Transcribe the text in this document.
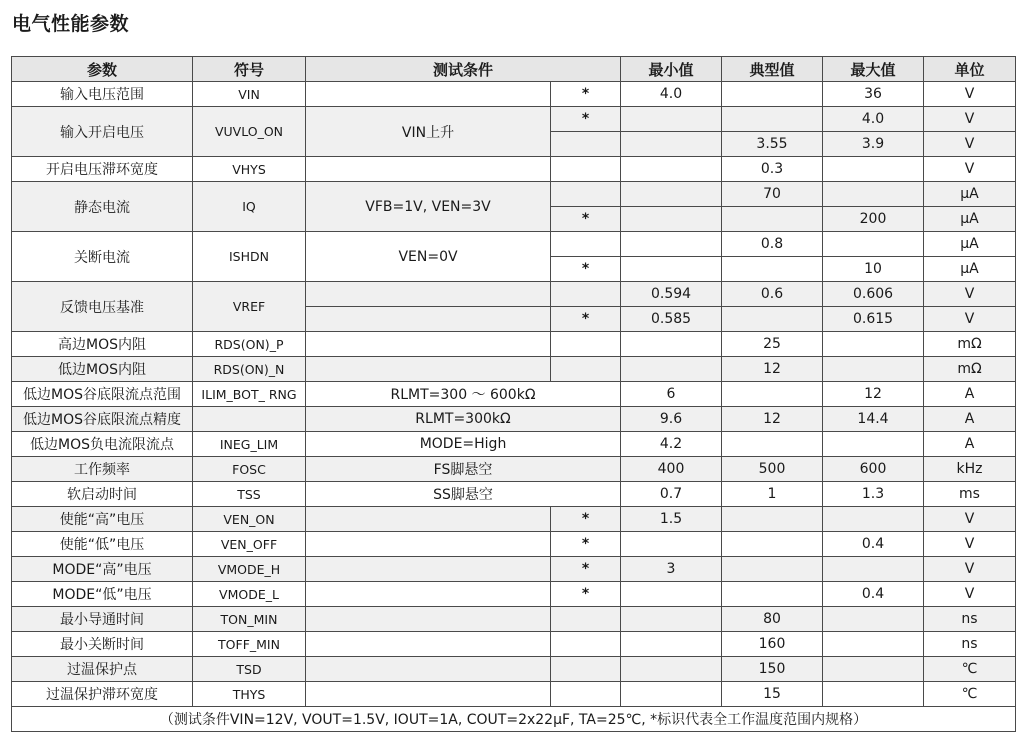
电气性能参数
参数	符号	测试条件		最小值	典型值	最大值	单位
输入电压范围	VIN		*	4.0		36	V
输入开启电压	VUVLO_ON	VIN上升	*			4.0	V
					3.55	3.9	V
开启电压滞环宽度	VHYS				0.3		V
静态电流	IQ	VFB=1V, VEN=3V			70		μA
			*			200	μA
关断电流	ISHDN	VEN=0V			0.8		μA
			*			10	μA
反馈电压基准	VREF			0.594	0.6	0.606	V
			*	0.585		0.615	V
高边MOS内阻	RDS(ON)_P				25		mΩ
低边MOS内阻	RDS(ON)_N				12		mΩ
低边MOS谷底限流点范围	ILIM_BOT_ RNG	RLMT=300 ～ 600kΩ		6		12	A
低边MOS谷底限流点精度		RLMT=300kΩ		9.6	12	14.4	A
低边MOS负电流限流点	INEG_LIM	MODE=High		4.2			A
工作频率	FOSC	FS脚悬空		400	500	600	kHz
软启动时间	TSS	SS脚悬空		0.7	1	1.3	ms
使能“高”电压	VEN_ON		*	1.5			V
使能“低”电压	VEN_OFF		*			0.4	V
MODE“高”电压	VMODE_H		*	3			V
MODE“低”电压	VMODE_L		*			0.4	V
最小导通时间	TON_MIN				80		ns
最小关断时间	TOFF_MIN				160		ns
过温保护点	TSD				150		℃
过温保护滞环宽度	THYS				15		℃
（测试条件VIN=12V, VOUT=1.5V, IOUT=1A, COUT=2x22μF, TA=25℃, *标识代表全工作温度范围内规格）							
